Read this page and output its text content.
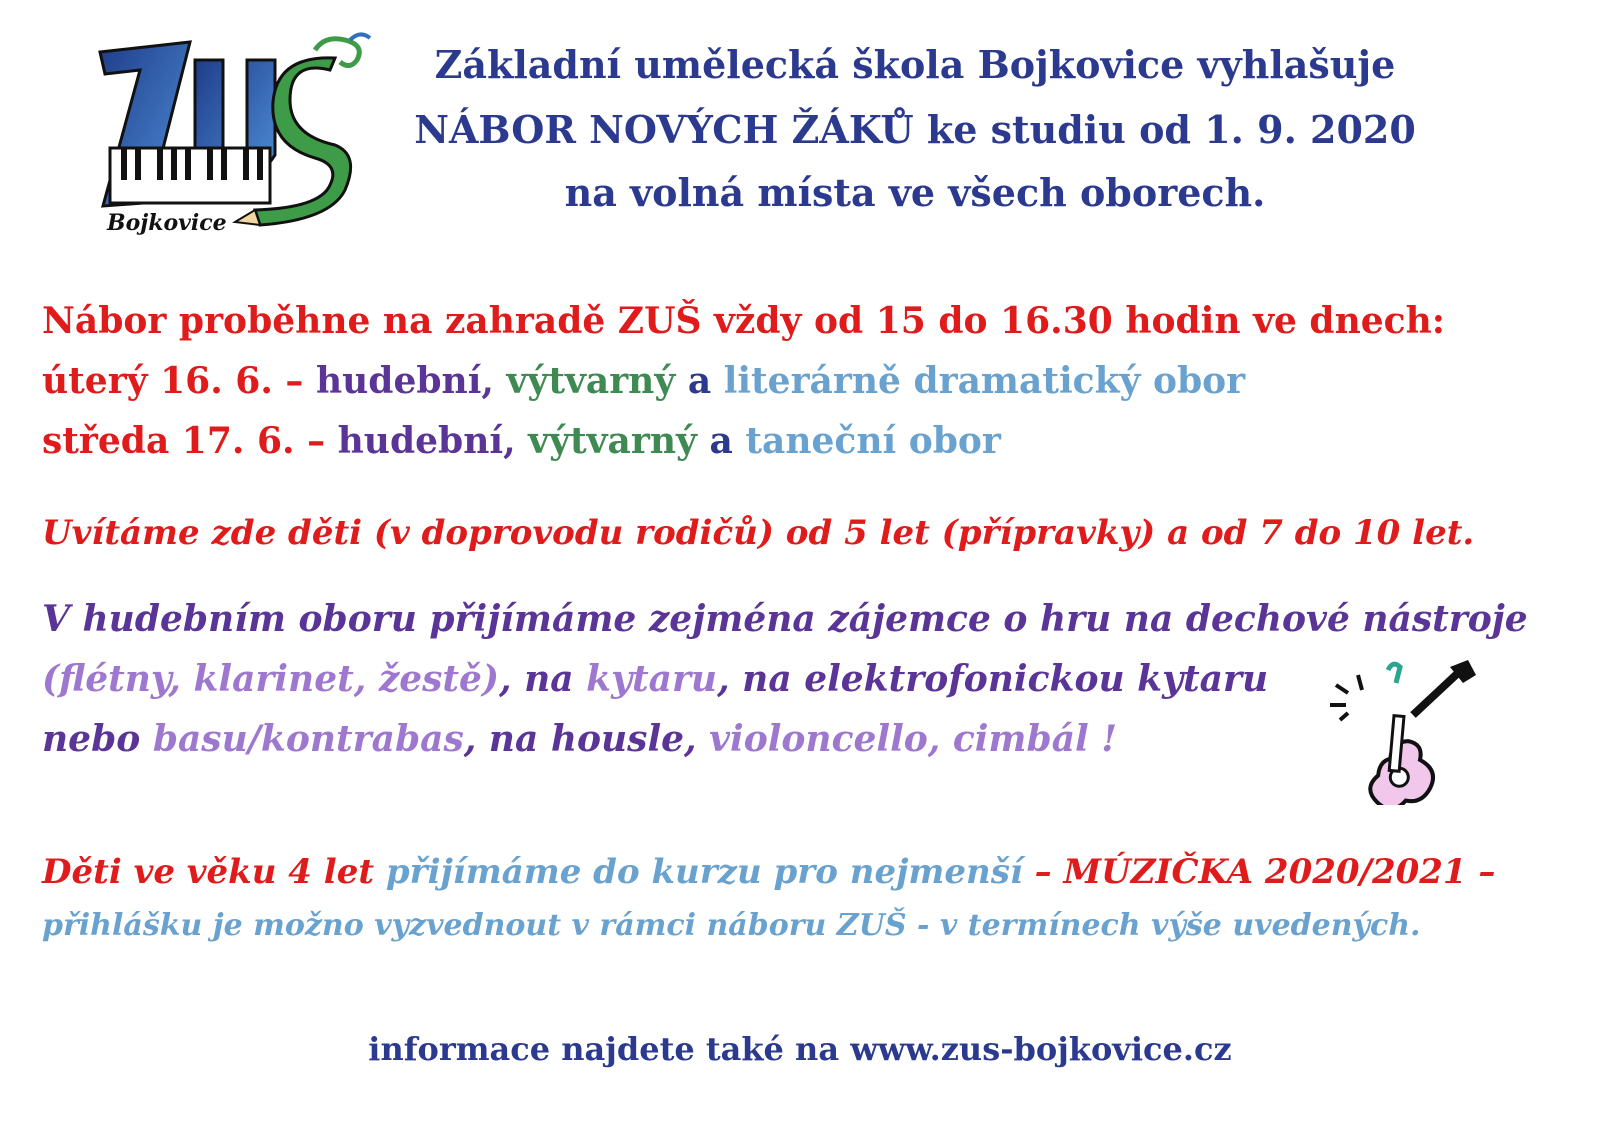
Bojkovice
Základní umělecká škola Bojkovice vyhlašuje
NÁBOR NOVÝCH ŽÁKŮ ke studiu od 1. 9. 2020
na volná místa ve všech oborech.
Nábor proběhne na zahradě ZUŠ vždy od 15 do 16.30 hodin ve dnech:
úterý 16. 6. – hudební, výtvarný a literárně dramatický obor
středa 17. 6. – hudební, výtvarný a taneční obor
Uvítáme zde děti (v doprovodu rodičů) od 5 let (přípravky) a od 7 do 10 let.
V hudebním oboru přijímáme zejména zájemce o hru na dechové nástroje
(flétny, klarinet, žestě), na kytaru, na elektrofonickou kytaru
nebo basu/kontrabas, na housle, violoncello, cimbál !
Děti ve věku 4 let přijímáme do kurzu pro nejmenší – MÚZIČKA 2020/2021 –
přihlášku je možno vyzvednout v rámci náboru ZUŠ - v termínech výše uvedených.
informace najdete také na www.zus-bojkovice.cz
